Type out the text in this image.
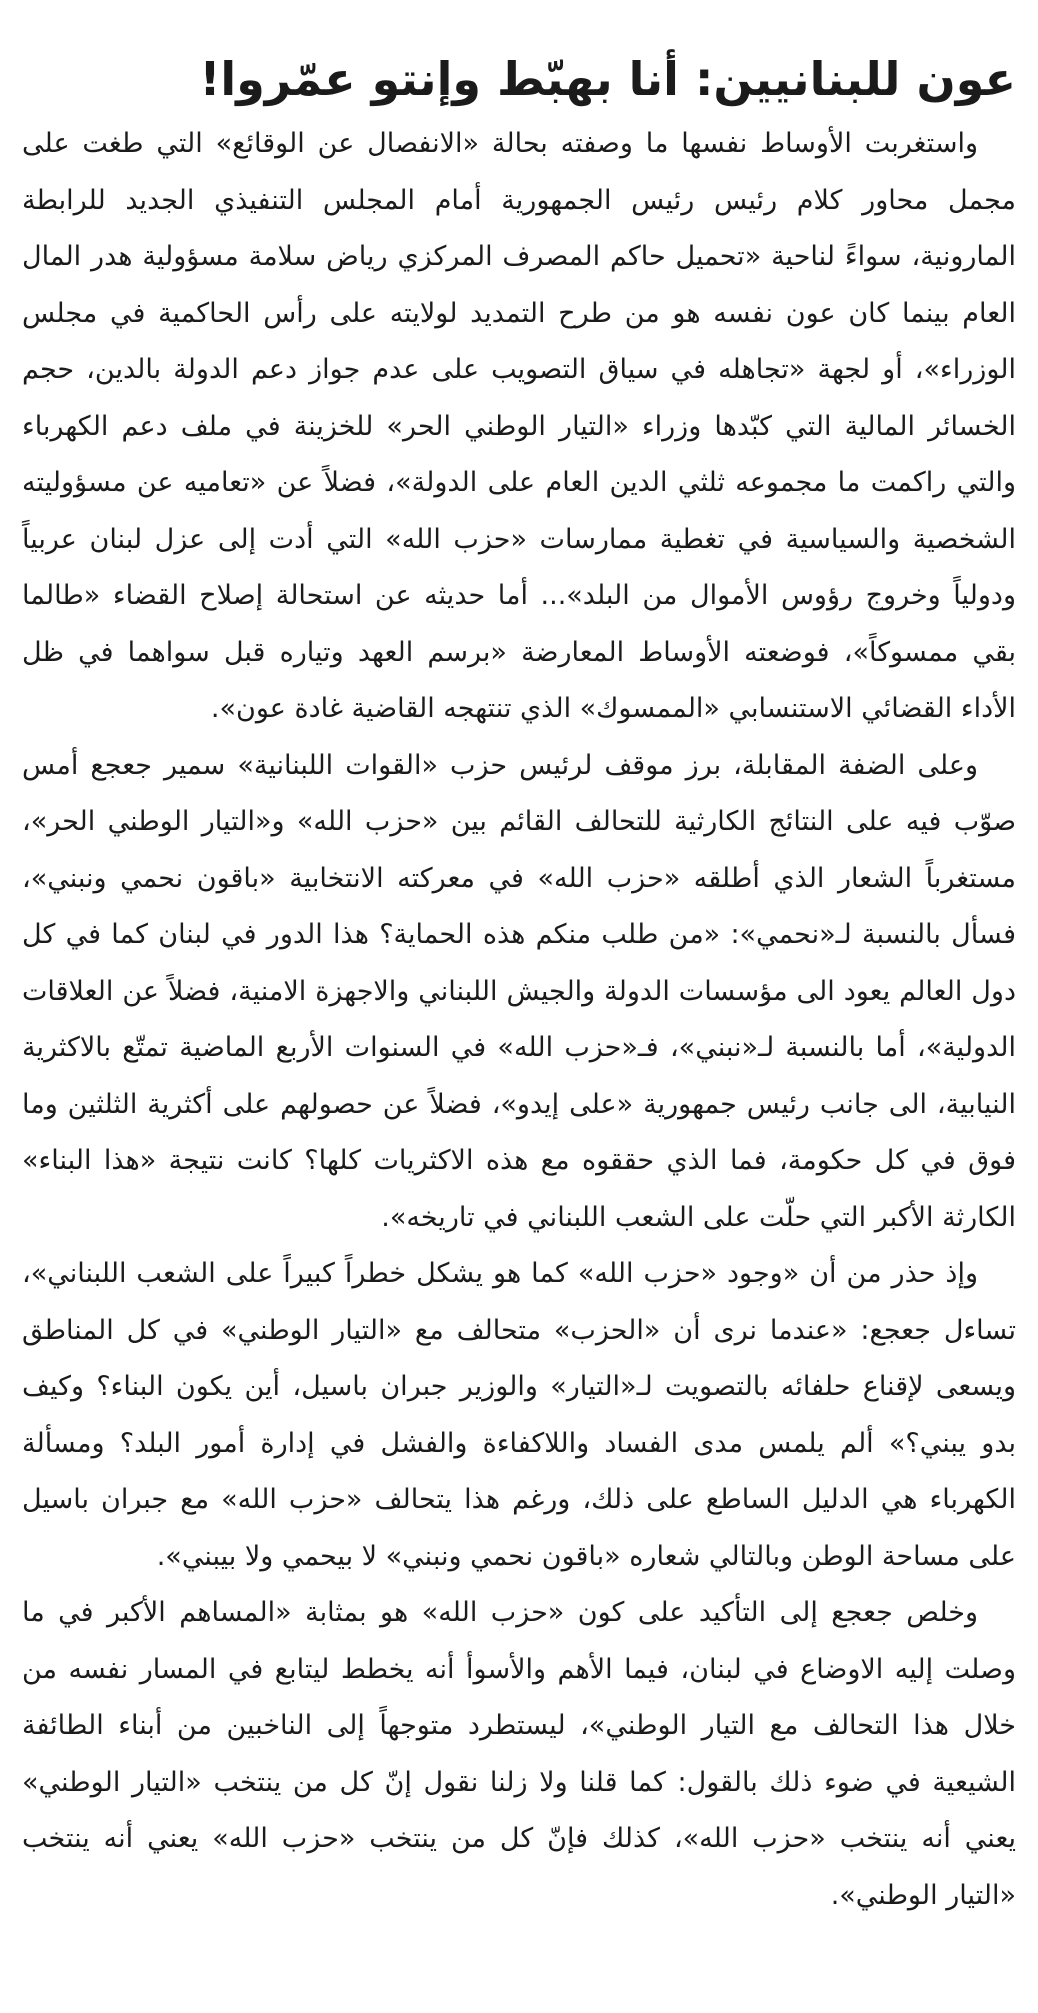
عون للبنانيين: أنا بهبّط وإنتو عمّروا!

واستغربت الأوساط نفسها ما وصفته بحالة «الانفصال عن الوقائع» التي طغت على مجمل محاور كلام رئيس رئيس الجمهورية أمام المجلس التنفيذي الجديد للرابطة المارونية، سواءً لناحية «تحميل حاكم المصرف المركزي رياض سلامة مسؤولية هدر المال العام بينما كان عون نفسه هو من طرح التمديد لولايته على رأس الحاكمية في مجلس الوزراء»، أو لجهة «تجاهله في سياق التصويب على عدم جواز دعم الدولة بالدين، حجم الخسائر المالية التي كبّدها وزراء «التيار الوطني الحر» للخزينة في ملف دعم الكهرباء والتي راكمت ما مجموعه ثلثي الدين العام على الدولة»، فضلاً عن «تعاميه عن مسؤوليته الشخصية والسياسية في تغطية ممارسات «حزب الله» التي أدت إلى عزل لبنان عربياً ودولياً وخروج رؤوس الأموال من البلد»... أما حديثه عن استحالة إصلاح القضاء «طالما بقي ممسوكاً»، فوضعته الأوساط المعارضة «برسم العهد وتياره قبل سواهما في ظل الأداء القضائي الاستنسابي «الممسوك» الذي تنتهجه القاضية غادة عون».

وعلى الضفة المقابلة، برز موقف لرئيس حزب «القوات اللبنانية» سمير جعجع أمس صوّب فيه على النتائج الكارثية للتحالف القائم بين «حزب الله» و«التيار الوطني الحر»، مستغرباً الشعار الذي أطلقه «حزب الله» في معركته الانتخابية «باقون نحمي ونبني»، فسأل بالنسبة لـ«نحمي»: «من طلب منكم هذه الحماية؟ هذا الدور في لبنان كما في كل دول العالم يعود الى مؤسسات الدولة والجيش اللبناني والاجهزة الامنية، فضلاً عن العلاقات الدولية»، أما بالنسبة لـ«نبني»، فـ«حزب الله» في السنوات الأربع الماضية تمتّع بالاكثرية النيابية، الى جانب رئيس جمهورية «على إيدو»، فضلاً عن حصولهم على أكثرية الثلثين وما فوق في كل حكومة، فما الذي حققوه مع هذه الاكثريات كلها؟ كانت نتيجة «هذا البناء» الكارثة الأكبر التي حلّت على الشعب اللبناني في تاريخه».

وإذ حذر من أن «وجود «حزب الله» كما هو يشكل خطراً كبيراً على الشعب اللبناني»، تساءل جعجع: «عندما نرى أن «الحزب» متحالف مع «التيار الوطني» في كل المناطق ويسعى لإقناع حلفائه بالتصويت لـ«التيار» والوزير جبران باسيل، أين يكون البناء؟ وكيف بدو يبني؟» ألم يلمس مدى الفساد واللاكفاءة والفشل في إدارة أمور البلد؟ ومسألة الكهرباء هي الدليل الساطع على ذلك، ورغم هذا يتحالف «حزب الله» مع جبران باسيل على مساحة الوطن وبالتالي شعاره «باقون نحمي ونبني» لا بيحمي ولا بيبني».

وخلص جعجع إلى التأكيد على كون «حزب الله» هو بمثابة «المساهم الأكبر في ما وصلت إليه الاوضاع في لبنان، فيما الأهم والأسوأ أنه يخطط ليتابع في المسار نفسه من خلال هذا التحالف مع التيار الوطني»، ليستطرد متوجهاً إلى الناخبين من أبناء الطائفة الشيعية في ضوء ذلك بالقول: كما قلنا ولا زلنا نقول إنّ كل من ينتخب «التيار الوطني» يعني أنه ينتخب «حزب الله»، كذلك فإنّ كل من ينتخب «حزب الله» يعني أنه ينتخب «التيار الوطني».
